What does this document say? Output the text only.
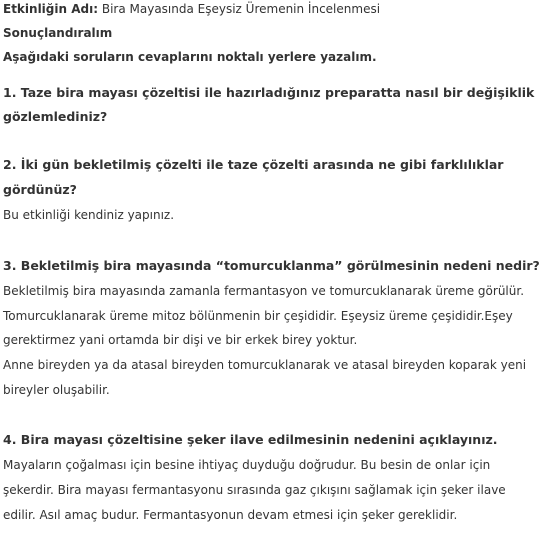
Etkinliğin Adı: Bira Mayasında Eşeysiz Üremenin İncelenmesi
Sonuçlandıralım
Aşağıdaki soruların cevaplarını noktalı yerlere yazalım.
1. Taze bira mayası çözeltisi ile hazırladığınız preparatta nasıl bir değişiklik
gözlemlediniz?
2. İki gün bekletilmiş çözelti ile taze çözelti arasında ne gibi farklılıklar
gördünüz?
Bu etkinliği kendiniz yapınız.
3. Bekletilmiş bira mayasında “tomurcuklanma” görülmesinin nedeni nedir?
Bekletilmiş bira mayasında zamanla fermantasyon ve tomurcuklanarak üreme görülür.
Tomurcuklanarak üreme mitoz bölünmenin bir çeşididir. Eşeysiz üreme çeşididir.Eşey
gerektirmez yani ortamda bir dişi ve bir erkek birey yoktur.
Anne bireyden ya da atasal bireyden tomurcuklanarak ve atasal bireyden koparak yeni
bireyler oluşabilir.
4. Bira mayası çözeltisine şeker ilave edilmesinin nedenini açıklayınız.
Mayaların çoğalması için besine ihtiyaç duyduğu doğrudur. Bu besin de onlar için
şekerdir. Bira mayası fermantasyonu sırasında gaz çıkışını sağlamak için şeker ilave
edilir. Asıl amaç budur. Fermantasyonun devam etmesi için şeker gereklidir.
